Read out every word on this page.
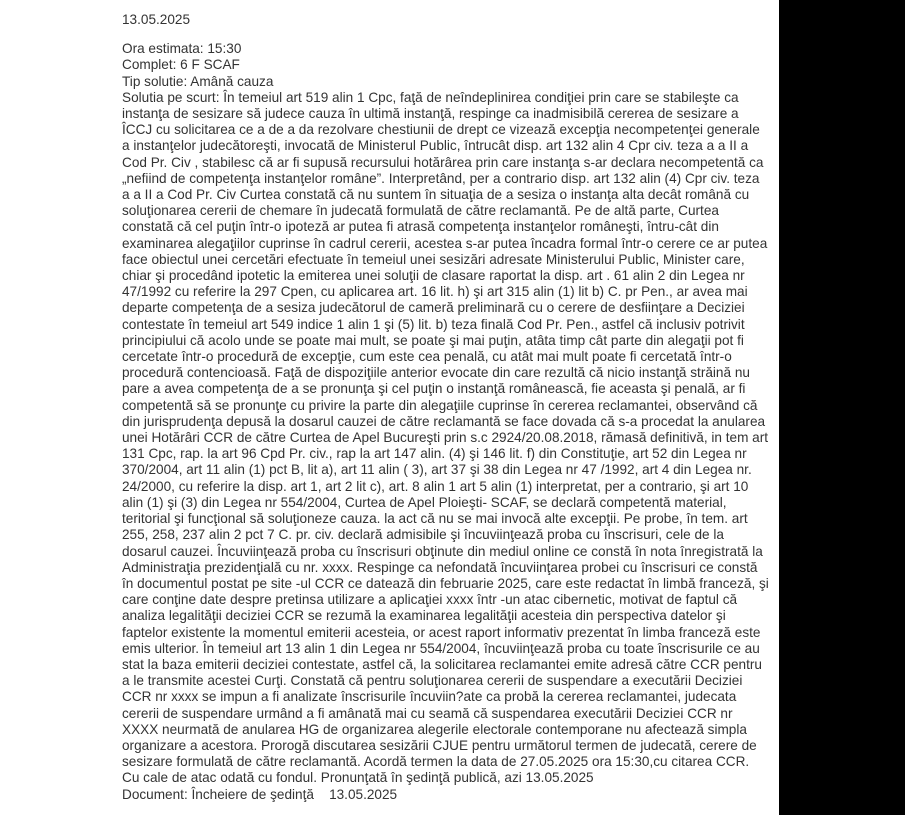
13.05.2025
Ora estimata: 15:30
Complet: 6 F SCAF
Tip solutie: Amână cauza
Solutia pe scurt: În temeiul art 519 alin 1 Cpc, faţă de neîndeplinirea condiţiei prin care se stabileşte ca instanţa de sesizare să judece cauza în ultimă instanţă, respinge ca inadmisibilă cererea de sesizare a ÎCCJ cu solicitarea ce a de a da rezolvare chestiunii de drept ce vizează excepţia necompetenţei generale a instanţelor judecătoreşti, invocată de Ministerul Public, întrucât disp. art 132 alin 4 Cpr civ. teza a a II a Cod Pr. Civ , stabilesc că ar fi supusă recursului hotărârea prin care instanţa s-ar declara necompetentă ca „nefiind de competenţa instanţelor române”. Interpretând, per a contrario disp. art 132 alin (4) Cpr civ. teza a a II a Cod Pr. Civ Curtea constată că nu suntem în situaţia de a sesiza o instanţa alta decât română cu soluţionarea cererii de chemare în judecată formulată de către reclamantă. Pe de altă parte, Curtea constată că cel puţin într-o ipoteză ar putea fi atrasă competenţa instanţelor româneşti, întru-cât din examinarea alegaţiilor cuprinse în cadrul cererii, acestea s-ar putea încadra formal într-o cerere ce ar putea face obiectul unei cercetări efectuate în temeiul unei sesizări adresate Ministerului Public, Minister care, chiar şi procedând ipotetic la emiterea unei soluţii de clasare raportat la disp. art . 61 alin 2 din Legea nr 47/1992 cu referire la 297 Cpen, cu aplicarea art. 16 lit. h) şi art 315 alin (1) lit b) C. pr Pen., ar avea mai departe competenţa de a sesiza judecătorul de cameră preliminară cu o cerere de desfiinţare a Deciziei contestate în temeiul art 549 indice 1 alin 1 şi (5) lit. b) teza finală Cod Pr. Pen., astfel că inclusiv potrivit principiului că acolo unde se poate mai mult, se poate şi mai puţin, atâta timp cât parte din alegaţii pot fi cercetate într-o procedură de excepţie, cum este cea penală, cu atât mai mult poate fi cercetată într-o procedură contencioasă. Faţă de dispoziţiile anterior evocate din care rezultă că nicio instanţă străină nu pare a avea competenţa de a se pronunţa şi cel puţin o instanţă românească, fie aceasta şi penală, ar fi competentă să se pronunţe cu privire la parte din alegaţiile cuprinse în cererea reclamantei, observând că din jurisprudenţa depusă la dosarul cauzei de către reclamantă se face dovada că s-a procedat la anularea unei Hotărâri CCR de către Curtea de Apel Bucureşti prin s.c 2924/20.08.2018, rămasă definitivă, in tem art 131 Cpc, rap. la art 96 Cpd Pr. civ., rap la art 147 alin. (4) şi 146 lit. f) din Constituţie, art 52 din Legea nr 370/2004, art 11 alin (1) pct B, lit a), art 11 alin ( 3), art 37 şi 38 din Legea nr 47 /1992, art 4 din Legea nr. 24/2000, cu referire la disp. art 1, art 2 lit c), art. 8 alin 1 art 5 alin (1) interpretat, per a contrario, şi art 10 alin (1) şi (3) din Legea nr 554/2004, Curtea de Apel Ploieşti- SCAF, se declară competentă material, teritorial şi funcţional să soluţioneze cauza. la act că nu se mai invocă alte excepţii. Pe probe, în tem. art 255, 258, 237 alin 2 pct 7 C. pr. civ. declară admisibile şi încuviinţează proba cu înscrisuri, cele de la dosarul cauzei. Încuviinţează proba cu înscrisuri obţinute din mediul online ce constă în nota înregistrată la Administraţia prezidenţială cu nr. xxxx. Respinge ca nefondată încuviinţarea probei cu înscrisuri ce constă în documentul postat pe site -ul CCR ce datează din februarie 2025, care este redactat în limbă franceză, şi care conţine date despre pretinsa utilizare a aplicaţiei xxxx într -un atac cibernetic, motivat de faptul că analiza legalităţii deciziei CCR se rezumă la examinarea legalităţii acesteia din perspectiva datelor şi faptelor existente la momentul emiterii acesteia, or acest raport informativ prezentat în limba franceză este emis ulterior. În temeiul art 13 alin 1 din Legea nr 554/2004, încuviinţează proba cu toate înscrisurile ce au stat la baza emiterii deciziei contestate, astfel că, la solicitarea reclamantei emite adresă către CCR pentru a le transmite acestei Curţi. Constată că pentru soluţionarea cererii de suspendare a executării Deciziei CCR nr xxxx se impun a fi analizate înscrisurile încuviin?ate ca probă la cererea reclamantei, judecata cererii de suspendare urmând a fi amânată mai cu seamă că suspendarea executării Deciziei CCR nr XXXX neurmată de anularea HG de organizarea alegerile electorale contemporane nu afectează simpla organizare a acestora. Prorogă discutarea sesizării CJUE pentru următorul termen de judecată, cerere de sesizare formulată de către reclamantă. Acordă termen la data de 27.05.2025 ora 15:30,cu citarea CCR. Cu cale de atac odată cu fondul. Pronunţată în şedinţă publică, azi 13.05.2025
Document: Încheiere de şedinţă 13.05.2025
